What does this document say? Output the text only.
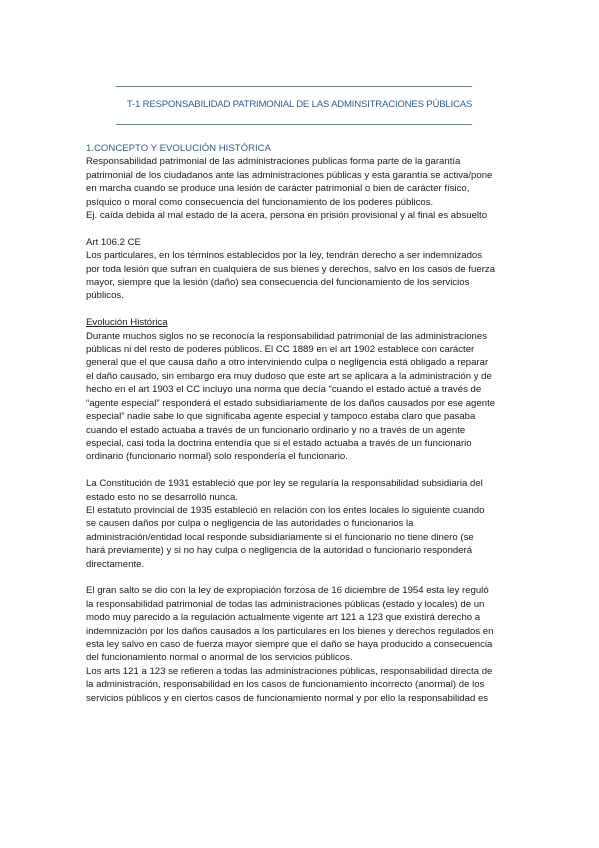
T-1 RESPONSABILIDAD PATRIMONIAL DE LAS ADMINSITRACIONES PÚBLICAS

1.CONCEPTO Y EVOLUCIÓN HISTÓRICA

Responsabilidad patrimonial de las administraciones publicas forma parte de la garantía

patrimonial de los ciudadanos ante las administraciones públicas y esta garantía se activa/pone

en marcha cuando se produce una lesión de carácter patrimonial o bien de carácter físico,

psíquico o moral como consecuencia del funcionamiento de los poderes públicos.

Ej. caída debida al mal estado de la acera, persona en prisión provisional y al final es absuelto

Art 106.2 CE

Los particulares, en los términos establecidos por la ley, tendrán derecho a ser indemnizados

por toda lesión que sufran en cualquiera de sus bienes y derechos, salvo en los casos de fuerza

mayor, siempre que la lesión (daño) sea consecuencia del funcionamiento de los servicios

públicos.

Evolución Histórica

Durante muchos siglos no se reconocía la responsabilidad patrimonial de las administraciones

públicas ni del resto de poderes públicos. El CC 1889 en el art 1902 establece con carácter

general que el que causa daño a otro interviniendo culpa o negligencia está obligado a reparar

el daño causado, sin embargo era muy dudoso que este art se aplicara a la administración y de

hecho en el art 1903 el CC incluyo una norma que decía “cuando el estado actué a través de

“agente especial” responderá el estado subsidiariamente de los daños causados por ese agente

especial” nadie sabe lo que significaba agente especial y tampoco estaba claro que pasaba

cuando el estado actuaba a través de un funcionario ordinario y no a través de un agente

especial, casi toda la doctrina entendía que si el estado actuaba a través de un funcionario

ordinario (funcionario normal) solo respondería el funcionario.

La Constitución de 1931 estableció que por ley se regularía la responsabilidad subsidiaria del

estado esto no se desarrolló nunca.

El estatuto provincial de 1935 estableció en relación con los entes locales lo siguiente cuando

se causen daños por culpa o negligencia de las autoridades o funcionarios la

administración/entidad local responde subsidiariamente si el funcionario no tiene dinero (se

hará previamente) y si no hay culpa o negligencia de la autoridad o funcionario responderá

directamente.

El gran salto se dio con la ley de expropiación forzosa de 16 diciembre de 1954 esta ley reguló

la responsabilidad patrimonial de todas las administraciones públicas (estado y locales) de un

modo muy parecido a la regulación actualmente vigente art 121 a 123 que existirá derecho a

indemnización por los daños causados a los particulares en los bienes y derechos regulados en

esta ley salvo en caso de fuerza mayor siempre que el daño se haya producido a consecuencia

del funcionamiento normal o anormal de los servicios públicos.

Los arts 121 a 123 se refieren a todas las administraciones públicas, responsabilidad directa de

la administración, responsabilidad en los casos de funcionamiento incorrecto (anormal) de los

servicios públicos y en ciertos casos de funcionamiento normal y por ello la responsabilidad es
